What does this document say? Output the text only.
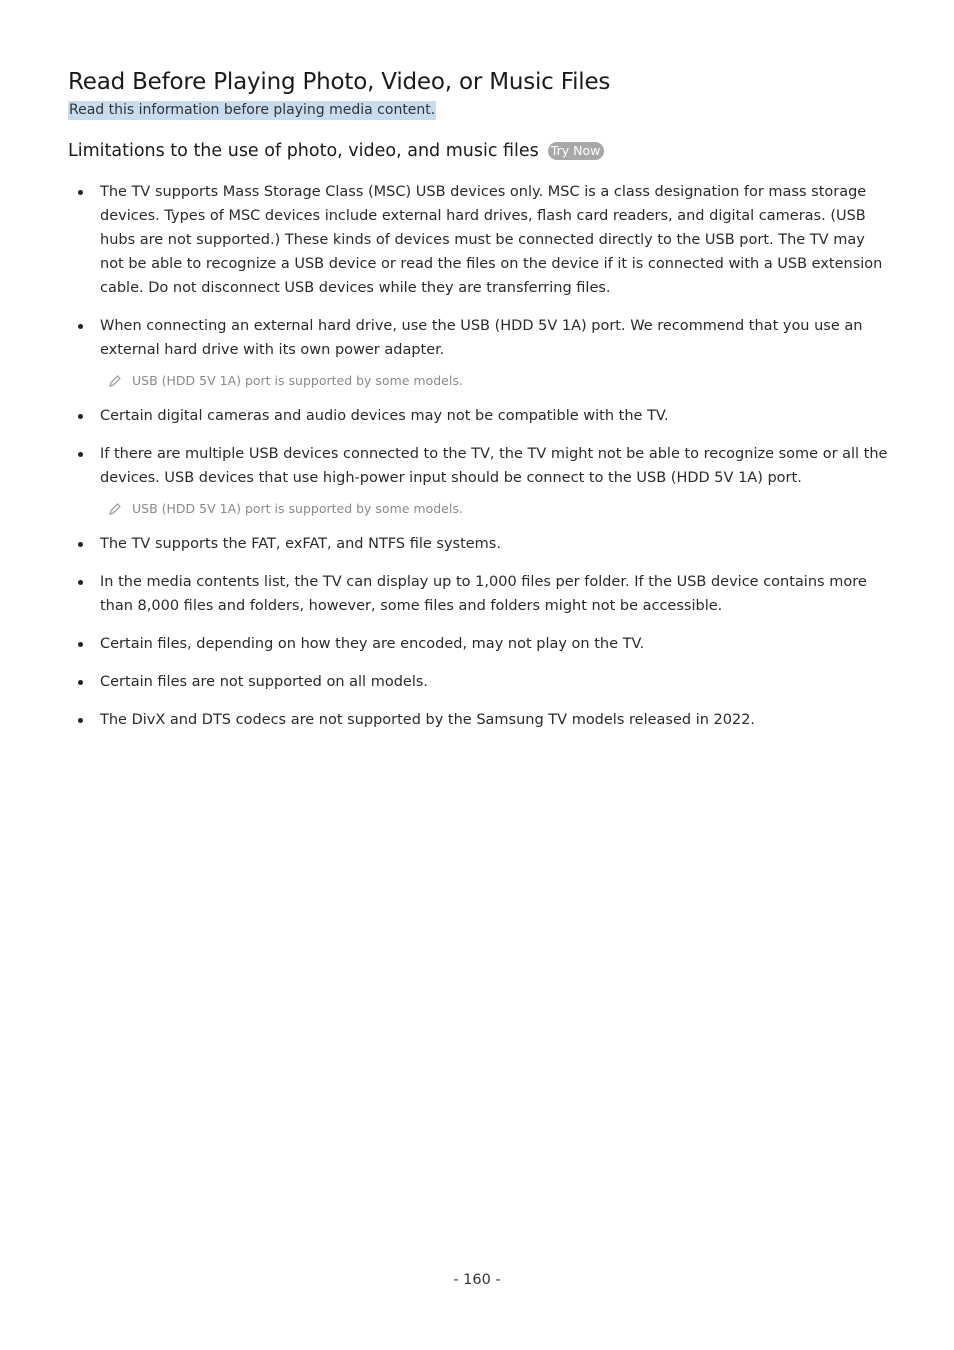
Read Before Playing Photo, Video, or Music Files
Read this information before playing media content.
Limitations to the use of photo, video, and music files Try Now
The TV supports Mass Storage Class (MSC) USB devices only. MSC is a class designation for mass storage devices. Types of MSC devices include external hard drives, flash card readers, and digital cameras. (USB hubs are not supported.) These kinds of devices must be connected directly to the USB port. The TV may not be able to recognize a USB device or read the files on the device if it is connected with a USB extension cable. Do not disconnect USB devices while they are transferring files.
When connecting an external hard drive, use the USB (HDD 5V 1A) port. We recommend that you use an external hard drive with its own power adapter.
USB (HDD 5V 1A) port is supported by some models.
Certain digital cameras and audio devices may not be compatible with the TV.
If there are multiple USB devices connected to the TV, the TV might not be able to recognize some or all the devices. USB devices that use high-power input should be connect to the USB (HDD 5V 1A) port.
USB (HDD 5V 1A) port is supported by some models.
The TV supports the FAT, exFAT, and NTFS file systems.
In the media contents list, the TV can display up to 1,000 files per folder. If the USB device contains more than 8,000 files and folders, however, some files and folders might not be accessible.
Certain files, depending on how they are encoded, may not play on the TV.
Certain files are not supported on all models.
The DivX and DTS codecs are not supported by the Samsung TV models released in 2022.
- 160 -
